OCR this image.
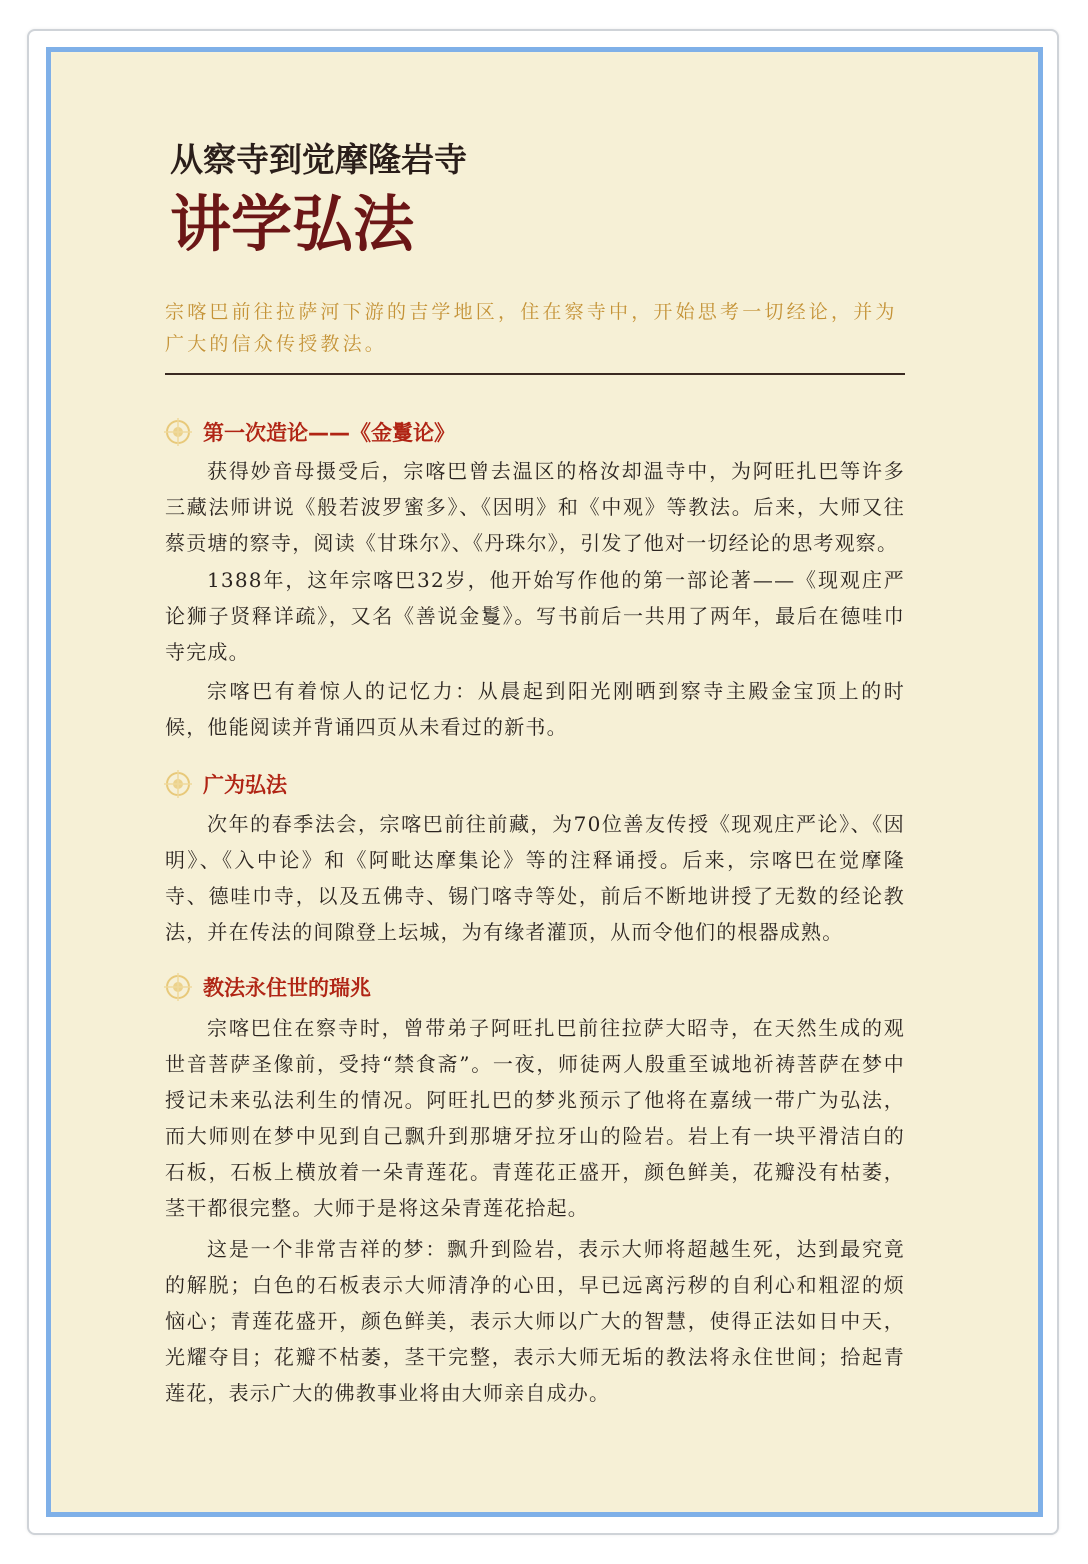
从察寺到觉摩隆岩寺
讲学弘法

宗喀巴前往拉萨河下游的吉学地区，住在察寺中，开始思考一切经论，并为广大的信众传授教法。

第一次造论——《金鬘论》

获得妙音母摄受后，宗喀巴曾去温区的格汝却温寺中，为阿旺扎巴等许多三藏法师讲说《般若波罗蜜多》、《因明》和《中观》等教法。后来，大师又往蔡贡塘的察寺，阅读《甘珠尔》、《丹珠尔》，引发了他对一切经论的思考观察。

1388年，这年宗喀巴32岁，他开始写作他的第一部论著——《现观庄严论狮子贤释详疏》，又名《善说金鬘》。写书前后一共用了两年，最后在德哇巾寺完成。

宗喀巴有着惊人的记忆力：从晨起到阳光刚晒到察寺主殿金宝顶上的时候，他能阅读并背诵四页从未看过的新书。

广为弘法

次年的春季法会，宗喀巴前往前藏，为70位善友传授《现观庄严论》、《因明》、《入中论》和《阿毗达摩集论》等的注释诵授。后来，宗喀巴在觉摩隆寺、德哇巾寺，以及五佛寺、锡门喀寺等处，前后不断地讲授了无数的经论教法，并在传法的间隙登上坛城，为有缘者灌顶，从而令他们的根器成熟。

教法永住世的瑞兆

宗喀巴住在察寺时，曾带弟子阿旺扎巴前往拉萨大昭寺，在天然生成的观世音菩萨圣像前，受持“禁食斋”。一夜，师徒两人殷重至诚地祈祷菩萨在梦中授记未来弘法利生的情况。阿旺扎巴的梦兆预示了他将在嘉绒一带广为弘法，而大师则在梦中见到自己飘升到那塘牙拉牙山的险岩。岩上有一块平滑洁白的石板，石板上横放着一朵青莲花。青莲花正盛开，颜色鲜美，花瓣没有枯萎，茎干都很完整。大师于是将这朵青莲花拾起。

这是一个非常吉祥的梦：飘升到险岩，表示大师将超越生死，达到最究竟的解脱；白色的石板表示大师清净的心田，早已远离污秽的自利心和粗涩的烦恼心；青莲花盛开，颜色鲜美，表示大师以广大的智慧，使得正法如日中天，光耀夺目；花瓣不枯萎，茎干完整，表示大师无垢的教法将永住世间；拾起青莲花，表示广大的佛教事业将由大师亲自成办。
